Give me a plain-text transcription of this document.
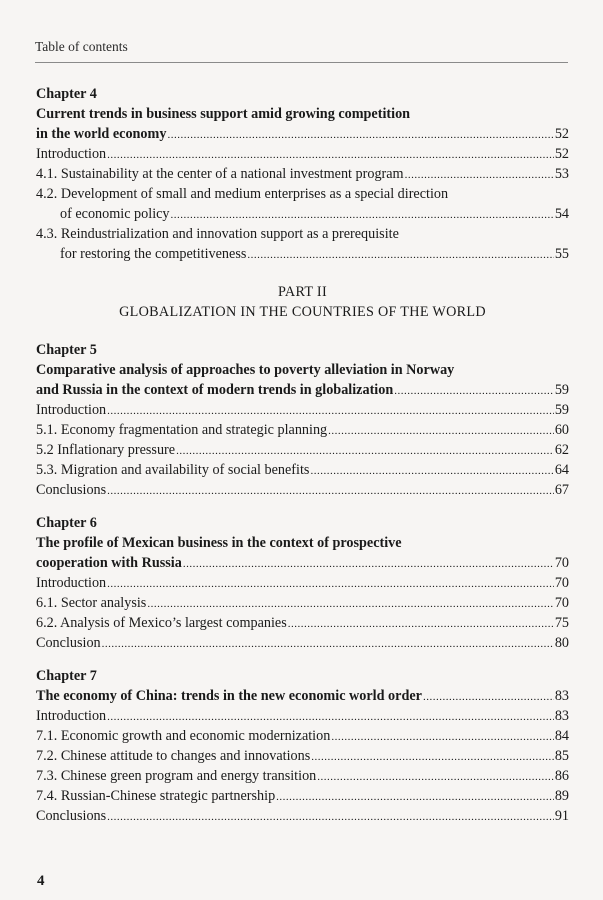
Table of contents
Chapter 4
Current trends in business support amid growing competition
in the world economy .....	52
Introduction .....	52
4.1. Sustainability at the center of a national investment program .....	53
4.2. Development of small and medium enterprises as a special direction
of economic policy .....	54
4.3. Reindustrialization and innovation support as a prerequisite
for restoring the competitiveness .....	55
PART II
GLOBALIZATION IN THE COUNTRIES OF THE WORLD
Chapter 5
Comparative analysis of approaches to poverty alleviation in Norway
and Russia in the context of modern trends in globalization .....	59
Introduction .....	59
5.1. Economy fragmentation and strategic planning .....	60
5.2 Inflationary pressure .....	62
5.3. Migration and availability of social benefits .....	64
Conclusions .....	67
Chapter 6
The profile of Mexican business in the context of prospective
cooperation with Russia .....	70
Introduction .....	70
6.1. Sector analysis .....	70
6.2. Analysis of Mexico’s largest companies .....	75
Conclusion .....	80
Chapter 7
The economy of China: trends in the new economic world order .....	83
Introduction .....	83
7.1. Economic growth and economic modernization .....	84
7.2. Chinese attitude to changes and innovations .....	85
7.3. Chinese green program and energy transition .....	86
7.4. Russian-Chinese strategic partnership .....	89
Conclusions .....	91
4
